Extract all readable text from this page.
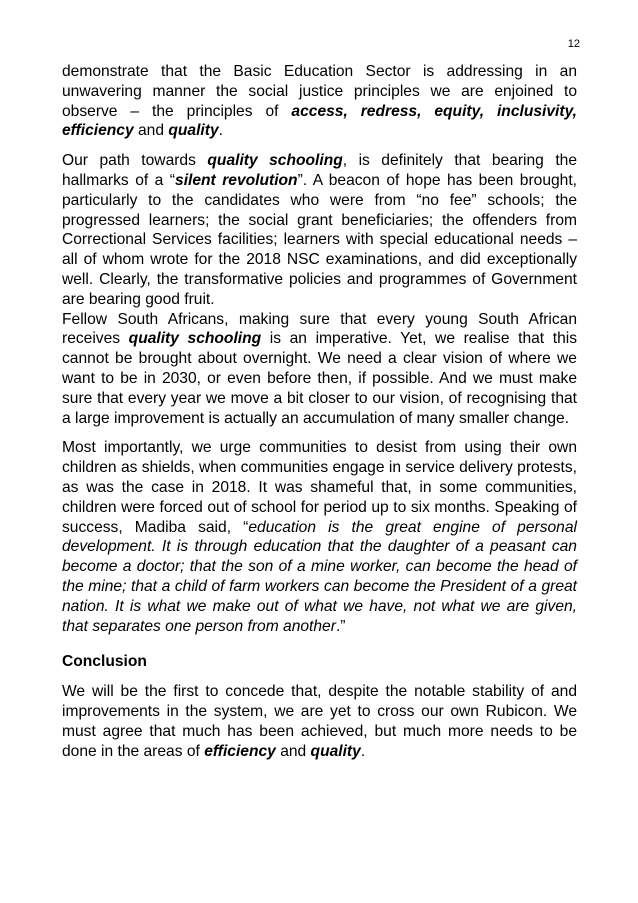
12

demonstrate that the Basic Education Sector is addressing in an unwavering manner the social justice principles we are enjoined to observe – the principles of access, redress, equity, inclusivity, efficiency and quality.

Our path towards quality schooling, is definitely that bearing the hallmarks of a “silent revolution”. A beacon of hope has been brought, particularly to the candidates who were from “no fee” schools; the progressed learners; the social grant beneficiaries; the offenders from Correctional Services facilities; learners with special educational needs – all of whom wrote for the 2018 NSC examinations, and did exceptionally well. Clearly, the transformative policies and programmes of Government are bearing good fruit.

Fellow South Africans, making sure that every young South African receives quality schooling is an imperative. Yet, we realise that this cannot be brought about overnight. We need a clear vision of where we want to be in 2030, or even before then, if possible. And we must make sure that every year we move a bit closer to our vision, of recognising that a large improvement is actually an accumulation of many smaller change.

Most importantly, we urge communities to desist from using their own children as shields, when communities engage in service delivery protests, as was the case in 2018. It was shameful that, in some communities, children were forced out of school for period up to six months. Speaking of success, Madiba said, “education is the great engine of personal development. It is through education that the daughter of a peasant can become a doctor; that the son of a mine worker, can become the head of the mine; that a child of farm workers can become the President of a great nation. It is what we make out of what we have, not what we are given, that separates one person from another.”

Conclusion

We will be the first to concede that, despite the notable stability of and improvements in the system, we are yet to cross our own Rubicon. We must agree that much has been achieved, but much more needs to be done in the areas of efficiency and quality.
